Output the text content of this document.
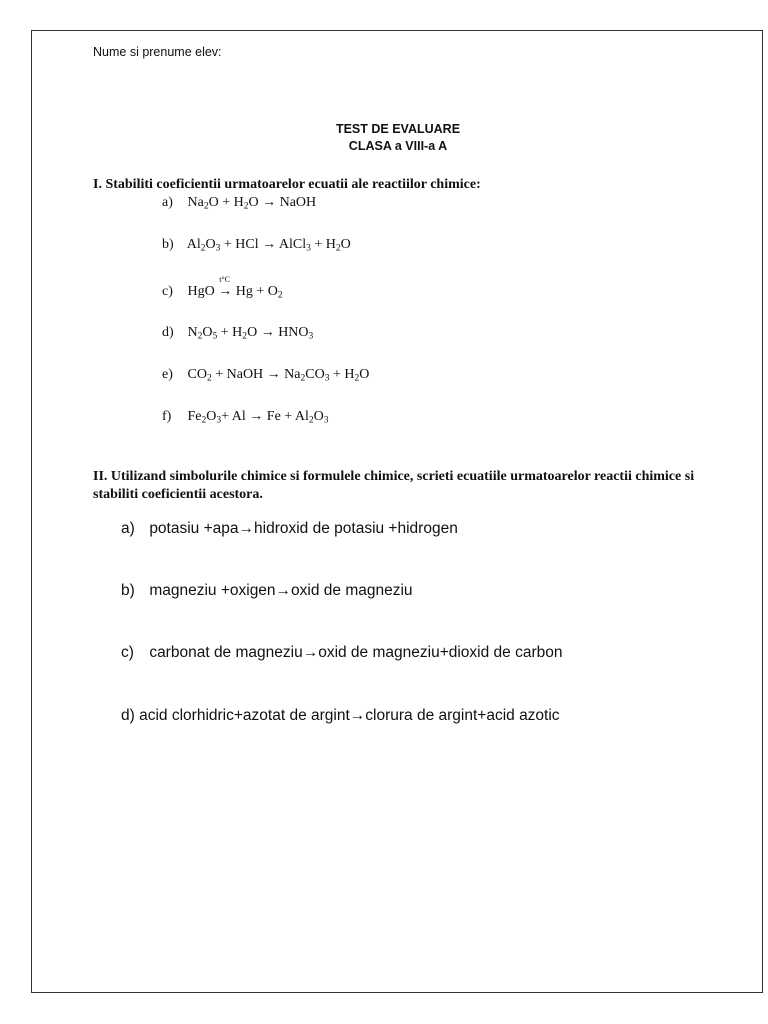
Nume si prenume elev:
TEST DE EVALUARE
CLASA a VIII-a A
I. Stabiliti coeficientii urmatoarelor ecuatii ale reactiilor chimice:
a) $Na_2O + H_2O$ → NaOH
b) $Al_2O_3$ + HCl → AlCl$_3$ + $H_2O$
c) HgO
t°C
→ $Hg + O_2$
d) $N_2O_5 + H_2O \to HNO_3$
e) $CO_2$ + NaOH → $Na_2CO_3 + H_2O$
f) $Fe_2O_3+ Al \to Fe + Al_2O_3$
II. Utilizand simbolurile chimice si formulele chimice, scrieti ecuatiile urmatoarelor reactii chimice si stabiliti coeficientii acestora.
a) potasiu +apa→hidroxid de potasiu +hidrogen
b) magneziu +oxigen→oxid de magneziu
c) carbonat de magneziu→oxid de magneziu+dioxid de carbon
d) acid clorhidric+azotat de argint→clorura de argint+acid azotic
